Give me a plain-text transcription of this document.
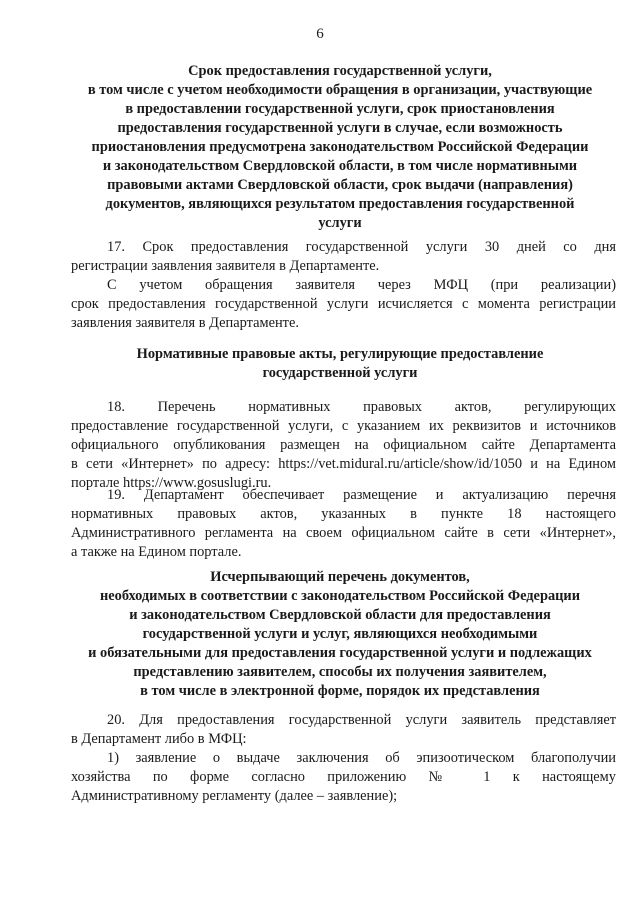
6
Срок предоставления государственной услуги,
в том числе с учетом необходимости обращения в организации, участвующие
в предоставлении государственной услуги, срок приостановления
предоставления государственной услуги в случае, если возможность
приостановления предусмотрена законодательством Российской Федерации
и законодательством Свердловской области, в том числе нормативными
правовыми актами Свердловской области, срок выдачи (направления)
документов, являющихся результатом предоставления государственной
услуги
17. Срок предоставления государственной услуги 30 дней со дня
регистрации заявления заявителя в Департаменте.
С учетом обращения заявителя через МФЦ (при реализации)
срок предоставления государственной услуги исчисляется с момента регистрации
заявления заявителя в Департаменте.
Нормативные правовые акты, регулирующие предоставление
государственной услуги
18. Перечень нормативных правовых актов, регулирующих
предоставление государственной услуги, с указанием их реквизитов и источников
официального опубликования размещен на официальном сайте Департамента
в сети «Интернет» по адресу: https://vet.midural.ru/article/show/id/1050 и на Едином
портале https://www.gosuslugi.ru.
19. Департамент обеспечивает размещение и актуализацию перечня
нормативных правовых актов, указанных в пункте 18 настоящего
Административного регламента на своем официальном сайте в сети «Интернет»,
а также на Едином портале.
Исчерпывающий перечень документов,
необходимых в соответствии с законодательством Российской Федерации
и законодательством Свердловской области для предоставления
государственной услуги и услуг, являющихся необходимыми
и обязательными для предоставления государственной услуги и подлежащих
представлению заявителем, способы их получения заявителем,
в том числе в электронной форме, порядок их представления
20. Для предоставления государственной услуги заявитель представляет
в Департамент либо в МФЦ:
1) заявление о выдаче заключения об эпизоотическом благополучии
хозяйства по форме согласно приложению № 1 к настоящему
Административному регламенту (далее – заявление);
